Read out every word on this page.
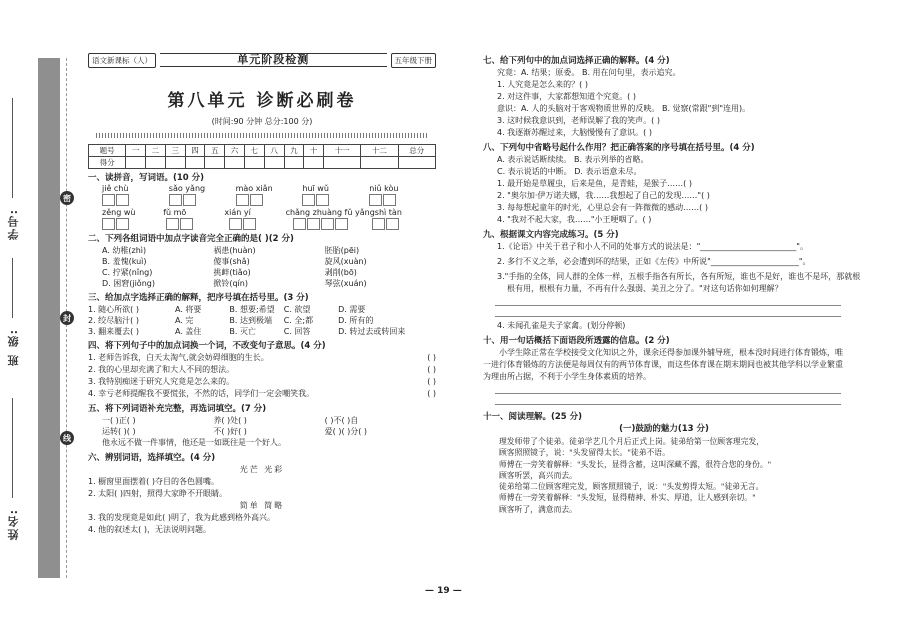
学号:
班 级:
姓名:
密
封
线
语文新课标（人）	单元阶段检测	五年级下册
第八单元 诊断必刷卷
(时间:90 分钟 总分:100 分)
题号	一	二	三	四	五	六	七	八	九	十	十一	十二	总分
得分													
一、读拼音，写词语。(10 分)
jiě chù	sǎo yǎng	mào xiǎn	huī wǔ	niǔ kòu
zěng wù	fǔ mō	xián yí	chǎng zhuàng fǔ yǎng shì tàn
二、下列各组词语中加点字读音完全正确的是( )(2 分)
A. 幼稚(zhì)	祸患(huàn)	胚胎(pēi)
B. 羞愧(kuì)	傻事(shǎ)	旋风(xuàn)
C. 拧紧(nǐng)	挑衅(tiǎo)	剥削(bō)
D. 困窘(jiǒng)	掀铃(qín)	琴弦(xuán)
三、给加点字选择正确的解释，把序号填在括号里。(3 分)
1. 随心所欲( )	A. 将要	B. 想要;希望	C. 欲望	D. 需要
2. 绞尽脑汁( )	A. 完	B. 达到极端	C. 全;都	D. 所有的
3. 翻来覆去( )	A. 盖住	B. 灭亡	C. 回答	D. 转过去或转回来
四、将下列句子中的加点词换一个词，不改变句子意思。(4 分)
1. 老师告诉我，白天太淘气,就会妨碍细胞的生长。	( )
2. 我的心里却充满了和大人不同的想法。	( )
3. 我特别痴迷于研究人究竟是怎么来的。	( )
4. 幸亏老师提醒我不要慌张，不然的话，同学们一定会嘲笑我。	( )
五、将下列词语补充完整，再选词填空。(7 分)
一( )正( )	养( )处( )	( )不( )自
运转( )( )	不( )好( )	爱( )( )分( )
他永远不做一件事情，他还是一如既往是一个好人。
六、辨别词语，选择填空。(4 分)
光芒 光彩
1. 橱窗里面摆着( )夺目的各色圆嘴。
2. 太阳( )四射，照得大家睁不开眼睛。
简单 简略
3. 我的发现竟是如此( )明了，我为此感到格外高兴。
4. 他的叙述太( )，无法说明问题。
七、给下列句中的加点词选择正确的解释。(4 分)
究竟：A. 结果；原委。 B. 用在问句里，表示追究。
1. 人究竟是怎么来的？( )
2. 对这件事，大家都想知道个究竟。( )
意识：A. 人的头脑对于客观物质世界的反映。 B. 觉察(常跟"到"连用)。
3. 这时候我意识到，老师误解了我的笑声。( )
4. 我逐渐苏醒过来，大脑慢慢有了意识。( )
八、下列句中省略号起什么作用？把正确答案的序号填在括号里。(4 分)
A. 表示说话断续续。 B. 表示列举的省略。
C. 表示说话的中断。 D. 表示语意未尽。
1. 最开始是草履虫，后来是鱼，是青蛙，是猴子……( )
2. "奥尔加·伊万诺夫娜，我……我想起了自己的发现……"( )
3. 每每想起童年的时光，心里总会有一阵微微的感动……( )
4. "我对不起大家，我……"小王哽咽了。( )
九、根据课文内容完成练习。(5 分)
1.《论语》中关于君子和小人不同的处事方式的说法是："________________________"。
2. 多行不义之举，必会遭到坏的结果，正如《左传》中所说"______________________"。
3."手指的全体，同人群的全体一样，五根手指各有所长，各有所短，谁也不是好，谁也不是坏，那就根
根有用，根根有力量，不再有什么强弱、美丑之分了。"对这句话你如何理解？
4. 未闻孔雀是夫子家禽。(划分停顿)
十、用一句话概括下面语段所透露的信息。(2 分)
小学生除正常在学校接受文化知识之外，课余还得参加课外辅导班，根本没时间进行体育锻炼，唯一进行体育锻炼的方法便是每周仅有的两节体育课，而这些体育课在期末期间也被其他学科以学业繁重为理由所占据，不利于小学生身体素质的培养。
十一、阅读理解。(25 分)
(一)鼓励的魅力(13 分)
理发师带了个徒弟。徒弟学艺几个月后正式上岗。徒弟给第一位顾客理完发，
顾客照照镜子，说："头发留得太长。"徒弟不语。
师傅在一旁笑着解释："头发长，显得含蓄，这叫深藏不露，很符合您的身份。"
顾客听罢，高兴而去。
徒弟给第二位顾客理完发，顾客照照镜子，说："头发剪得太短。"徒弟无言。
师傅在一旁笑着解释："头发短，显得精神、朴实、厚道，让人感到亲切。"
顾客听了，满意而去。
— 19 —
